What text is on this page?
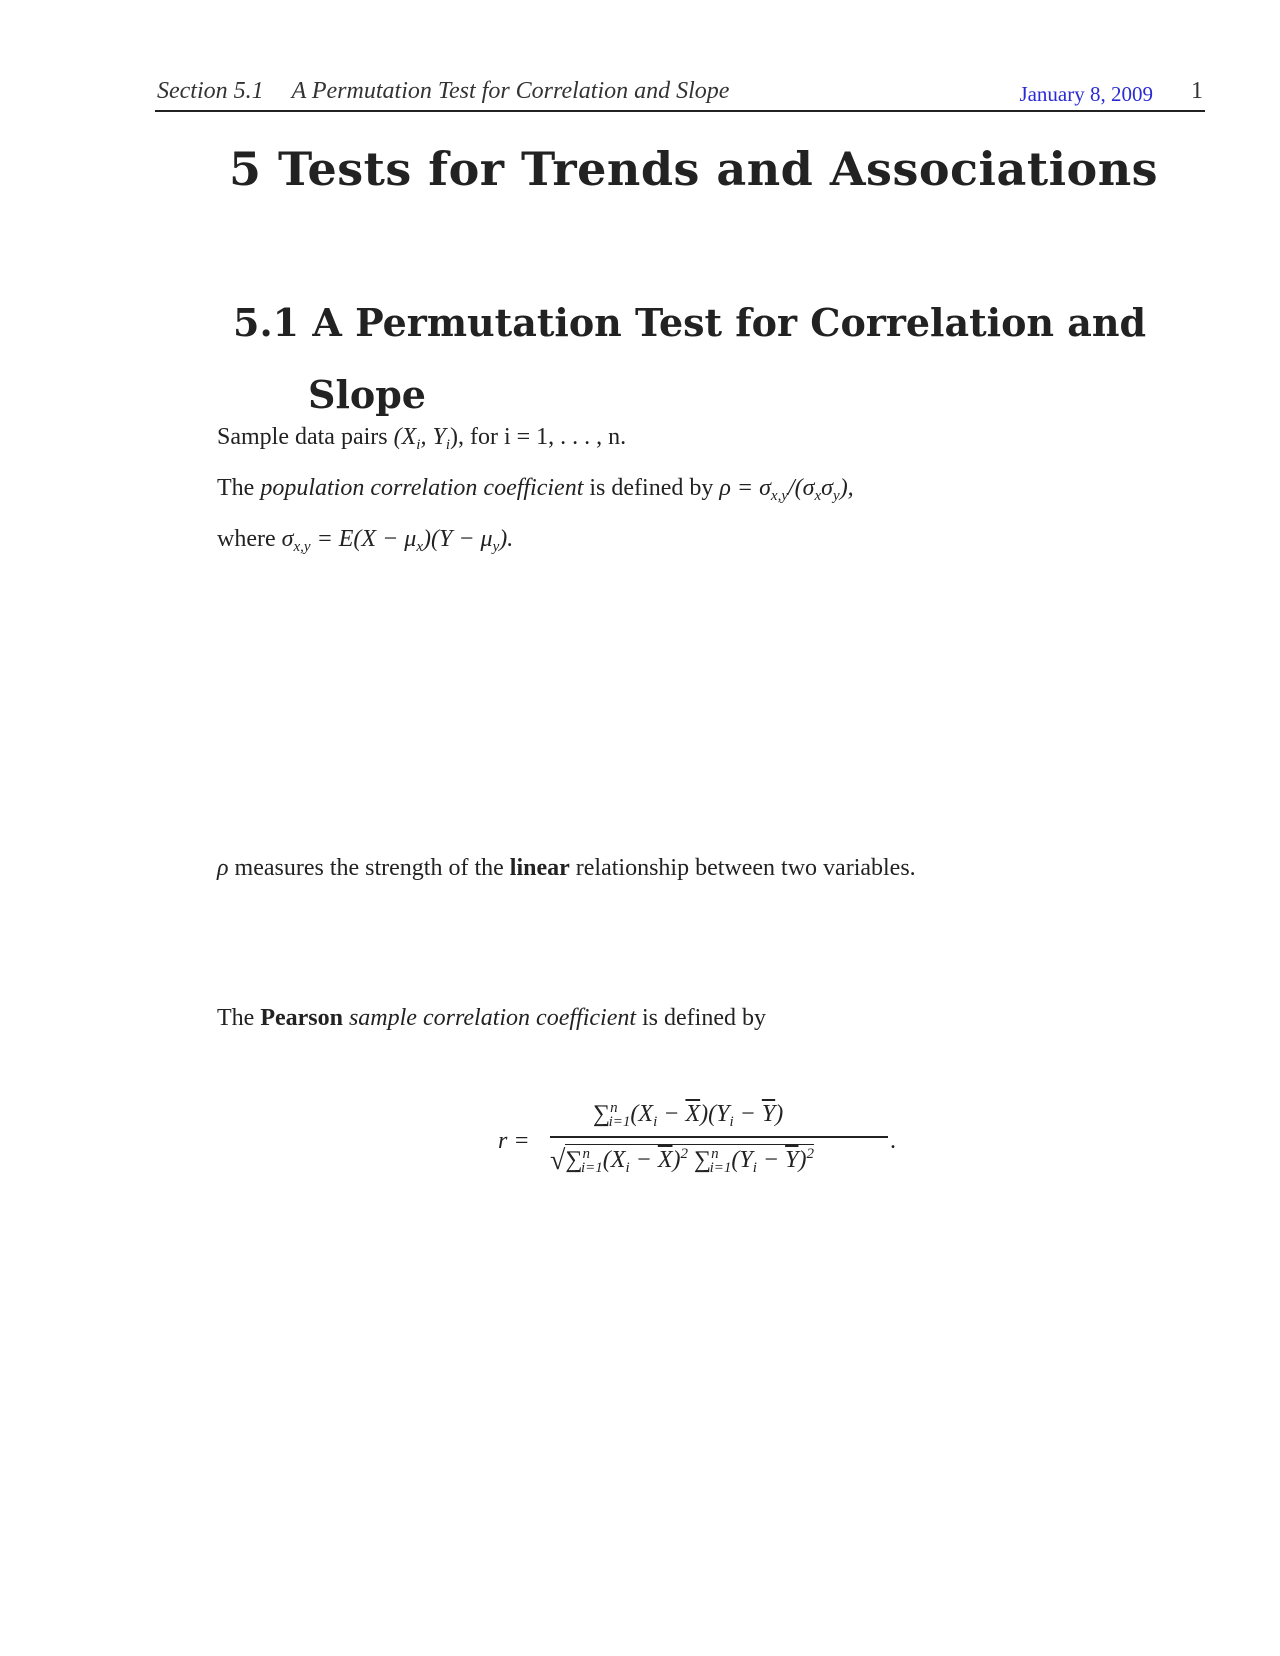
Section 5.1 A Permutation Test for Correlation and Slope	January 8, 2009 1
5 Tests for Trends and Associations
5.1 A Permutation Test for Correlation and
Slope
Sample data pairs ($X_i$, $Y_i$), for i = 1, . . . , n.
The population correlation coefficient is defined by $\rho = \sigma_{x,y}/(\sigma_x\sigma_y)$,
where $\sigma_{x,y} = E(X - \mu_x)(Y - \mu_y)$.
ρ measures the strength of the linear relationship between two variables.
The Pearson sample correlation coefficient is defined by
r =
$\sum^n_{i=1}(X_i - \overline{X})(Y_i - \overline{Y})$
$√\sum^n_{i=1}(X_i - \overline{X})^2$ $\sum^n_{i=1}(Y_i - \overline{Y})^2$	.
